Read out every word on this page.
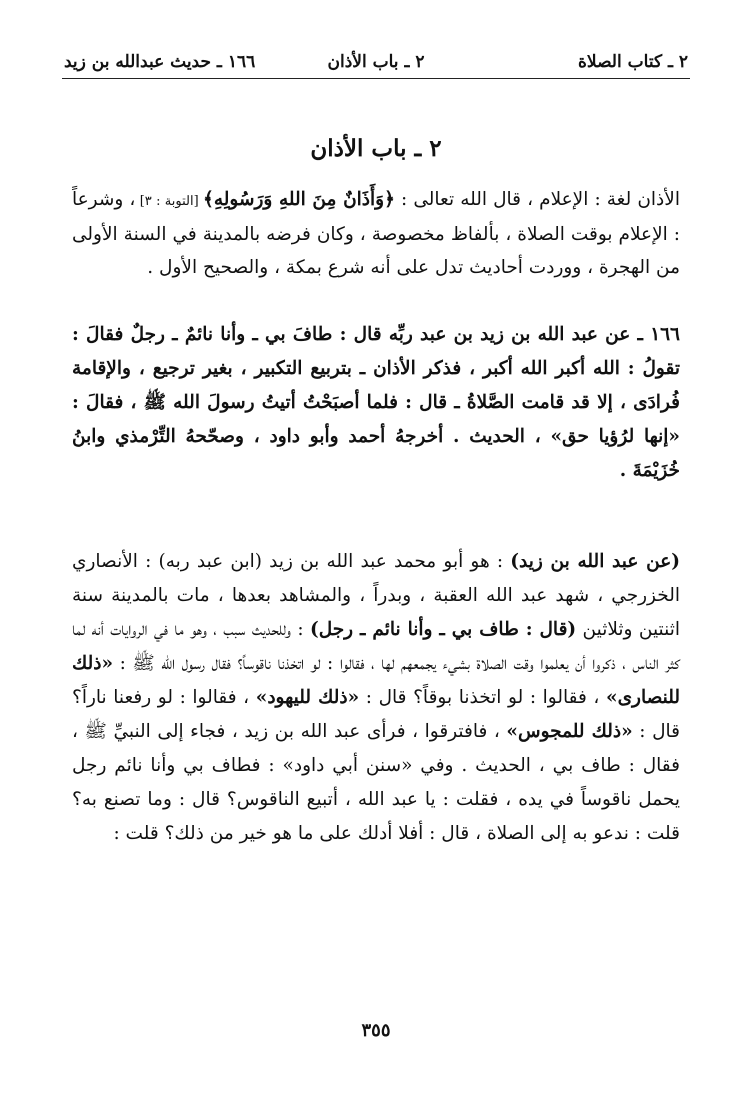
٢ ـ كتاب الصلاة
٢ ـ باب الأذان
١٦٦ ـ حديث عبدالله بن زيد
٢ ـ باب الأذان

الأذان لغة : الإعلام ، قال الله تعالى : ﴿وَأَذَانٌ مِنَ اللهِ وَرَسُولِهِ﴾ [التوبة : ٣] ، وشرعاً : الإعلام بوقت الصلاة ، بألفاظ مخصوصة ، وكان فرضه بالمدينة في السنة الأولى من الهجرة ، ووردت أحاديث تدل على أنه شرع بمكة ، والصحيح الأول .

١٦٦ ـ عن عبد الله بن زيد بن عبد ربِّه قال : طافَ بي ـ وأنا نائمٌ ـ رجلٌ فقالَ : تقولُ : الله أكبر الله أكبر ، فذكر الأذان ـ بتربيع التكبير ، بغير ترجيع ، والإقامة فُرادَى ، إلا قد قامت الصَّلاةُ ـ قال : فلما أصبَحْتُ أتيتُ رسولَ الله ﷺ ، فقالَ : «إنها لرُؤيا حق» ، الحديث . أخرجهُ أحمد وأبو داود ، وصحّحهُ التِّرْمذي وابنُ خُزَيْمَةَ .

(عن عبد الله بن زيد) : هو أبو محمد عبد الله بن زيد (ابن عبد ربه) : الأنصاري الخزرجي ، شهد عبد الله العقبة ، وبدراً ، والمشاهد بعدها ، مات بالمدينة سنة اثنتين وثلاثين (قال : طاف بي ـ وأنا نائم ـ رجل) : وللحديث سبب ، وهو ما في الروايات أنه لما كثر الناس ، ذكروا أن يعلموا وقت الصلاة بشيء يجمعهم لها ، فقالوا : لو اتخذنا ناقوساً؟ فقال رسول الله ﷺ : «ذلك للنصارى» ، فقالوا : لو اتخذنا بوقاً؟ قال : «ذلك لليهود» ، فقالوا : لو رفعنا ناراً؟ قال : «ذلك للمجوس» ، فافترقوا ، فرأى عبد الله بن زيد ، فجاء إلى النبيِّ ﷺ ، فقال : طاف بي ، الحديث . وفي «سنن أبي داود» : فطاف بي وأنا نائم رجل يحمل ناقوساً في يده ، فقلت : يا عبد الله ، أتبيع الناقوس؟ قال : وما تصنع به؟ قلت : ندعو به إلى الصلاة ، قال : أفلا أدلك على ما هو خير من ذلك؟ قلت :

٣٥٥
